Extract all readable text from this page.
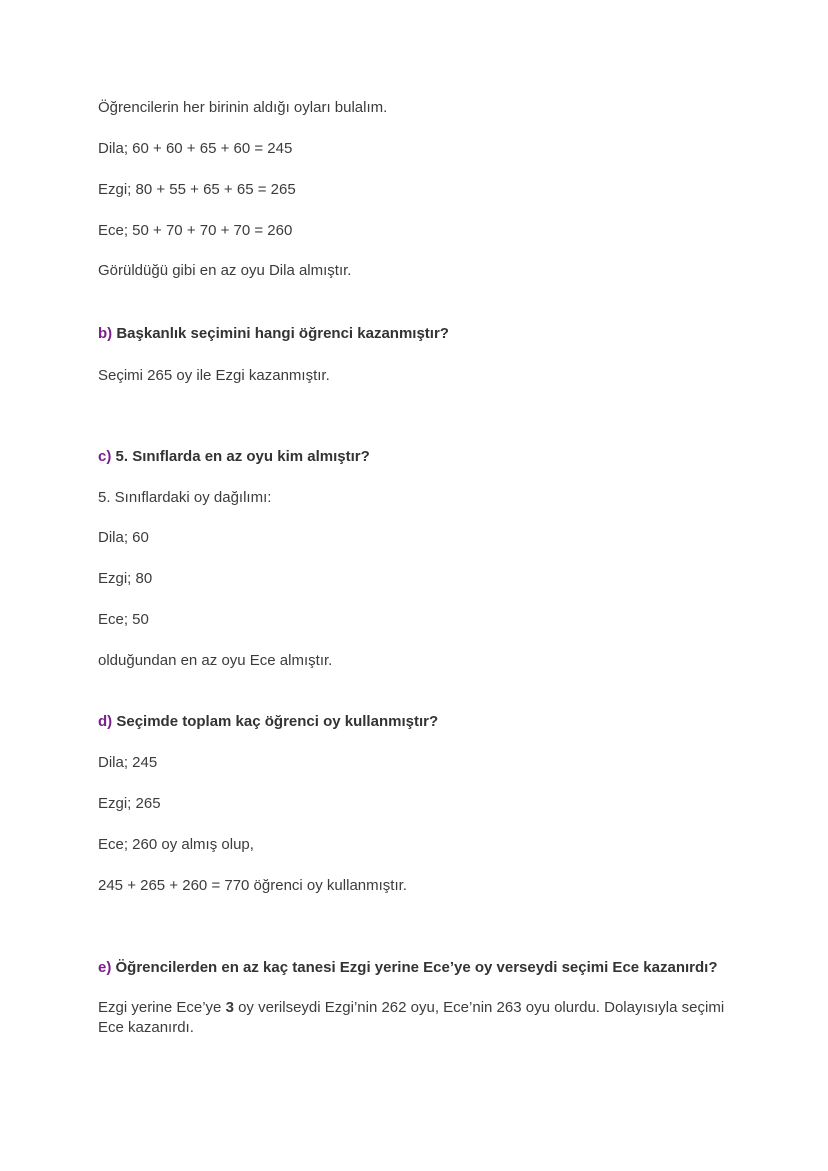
Öğrencilerin her birinin aldığı oyları bulalım.
Dila; 60 + 60 + 65 + 60 = 245
Ezgi; 80 + 55 + 65 + 65 = 265
Ece; 50 + 70 + 70 + 70 = 260
Görüldüğü gibi en az oyu Dila almıştır.
b) Başkanlık seçimini hangi öğrenci kazanmıştır?
Seçimi 265 oy ile Ezgi kazanmıştır.
c) 5. Sınıflarda en az oyu kim almıştır?
5. Sınıflardaki oy dağılımı:
Dila; 60
Ezgi; 80
Ece; 50
olduğundan en az oyu Ece almıştır.
d) Seçimde toplam kaç öğrenci oy kullanmıştır?
Dila; 245
Ezgi; 265
Ece; 260 oy almış olup,
245 + 265 + 260 = 770 öğrenci oy kullanmıştır.
e) Öğrencilerden en az kaç tanesi Ezgi yerine Ece’ye oy verseydi seçimi Ece kazanırdı?
Ezgi yerine Ece’ye 3 oy verilseydi Ezgi’nin 262 oyu, Ece’nin 263 oyu olurdu. Dolayısıyla seçimi Ece kazanırdı.
